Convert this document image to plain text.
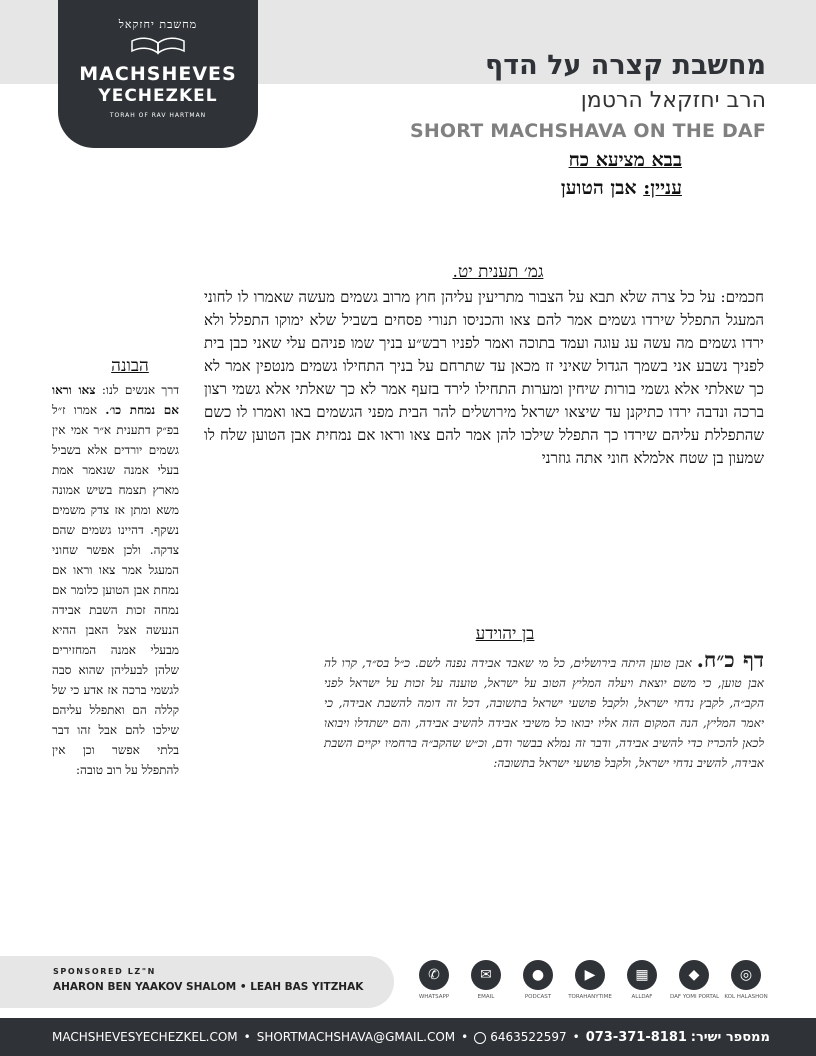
מחשבת יחזקאל
MACHSHEVES
YECHEZKEL
TORAH OF RAV HARTMAN
מחשבת קצרה על הדף
הרב יחזקאל הרטמן
SHORT MACHSHAVA ON THE DAF
בבא מציעא כח
עניין: אבן הטוען
גמ׳ תענית יט.

חכמים: על כל צרה שלא תבא על הצבור מתריעין עליהן חוץ מרוב גשמים מעשה שאמרו לו לחוני המעגל התפלל שירדו גשמים אמר להם צאו והכניסו תנורי פסחים בשביל שלא ימוקו התפלל ולא ירדו גשמים מה עשה עג עוגה ועמד בתוכה ואמר לפניו רבש״ע בניך שמו פניהם עלי שאני כבן בית לפניך נשבע אני בשמך הגדול שאיני זז מכאן עד שתרחם על בניך התחילו גשמים מנטפין אמר לא כך שאלתי אלא גשמי בורות שיחין ומערות התחילו לירד בזעף אמר לא כך שאלתי אלא גשמי רצון ברכה ונדבה ירדו כתיקנן עד שיצאו ישראל מירושלים להר הבית מפני הגשמים באו ואמרו לו כשם שהתפללת עליהם שירדו כך התפלל שילכו להן אמר להם צאו וראו אם נמחית אבן הטוען שלח לו שמעון בן שטח אלמלא חוני אתה גוזרני

הבונה

דרך אנשים לנו: צאו וראו אם נמחת כו׳. אמרו ז״ל בפ״ק דתענית א״ר אמי אין גשמים יורדים אלא בשביל בעלי אמנה שנאמר אמת מארץ תצמח בשיש אמונה משא ומתן אז צדק משמים נשקף. דהיינו גשמים שהם צדקה. ולכן אפשר שחוני המעגל אמר צאו וראו אם נמחת אבן הטוען כלומר אם נמחה זכות השבת אבידה הנעשה אצל האבן ההיא מבעלי אמנה המחזירים שלהן לבעליהן שהוא סבה לגשמי ברכה אז אדע כי של קללה הם ואתפלל עליהם שילכו להם אבל זהו דבר בלתי אפשר וכן אין להתפלל על רוב טובה:

בן יהוידע

דף כ״ח. אבן טוען היתה בירושלים, כל מי שאבד אבידה נפנה לשם. כ״ל בס״ד, קרו לה אבן טוען, כי משם יוצאת ויעלה המליץ הטוב על ישראל, טוענה על זכות על ישראל לפני הקב״ה, לקבץ נדחי ישראל, ולקבל פושעי ישראל בתשובה, דכל זה דומה להשבת אבידה, כי יאמר המליץ, הנה המקום הזה אליו יבואו כל משיבי אבידה להשיב אבידה, והם ישתדלו ויבואו לכאן להכריז כדי להשיב אבידה, ודבר זה נמלא בבשר ודם, וכ״ש שהקב״ה ברחמיו יקיים השבת אבידה, להשיב נדחי ישראל, ולקבל פושעי ישראל בתשובה:

SPONSORED LZ"N
AHARON BEN YAAKOV SHALOM • LEAH BAS YITZHAK
✆
WHATSAPP
✉
EMAIL
●
PODCAST
▶
TORAHANYTIME
▦
ALLDAF
◆
DAF YOMI PORTAL
◎
KOL HALASHON
MACHSHEVESYECHEZKEL.COM • SHORTMACHSHAVA@GMAIL.COM • 6463522597 • 073-371-8181 ממספר ישיר:
